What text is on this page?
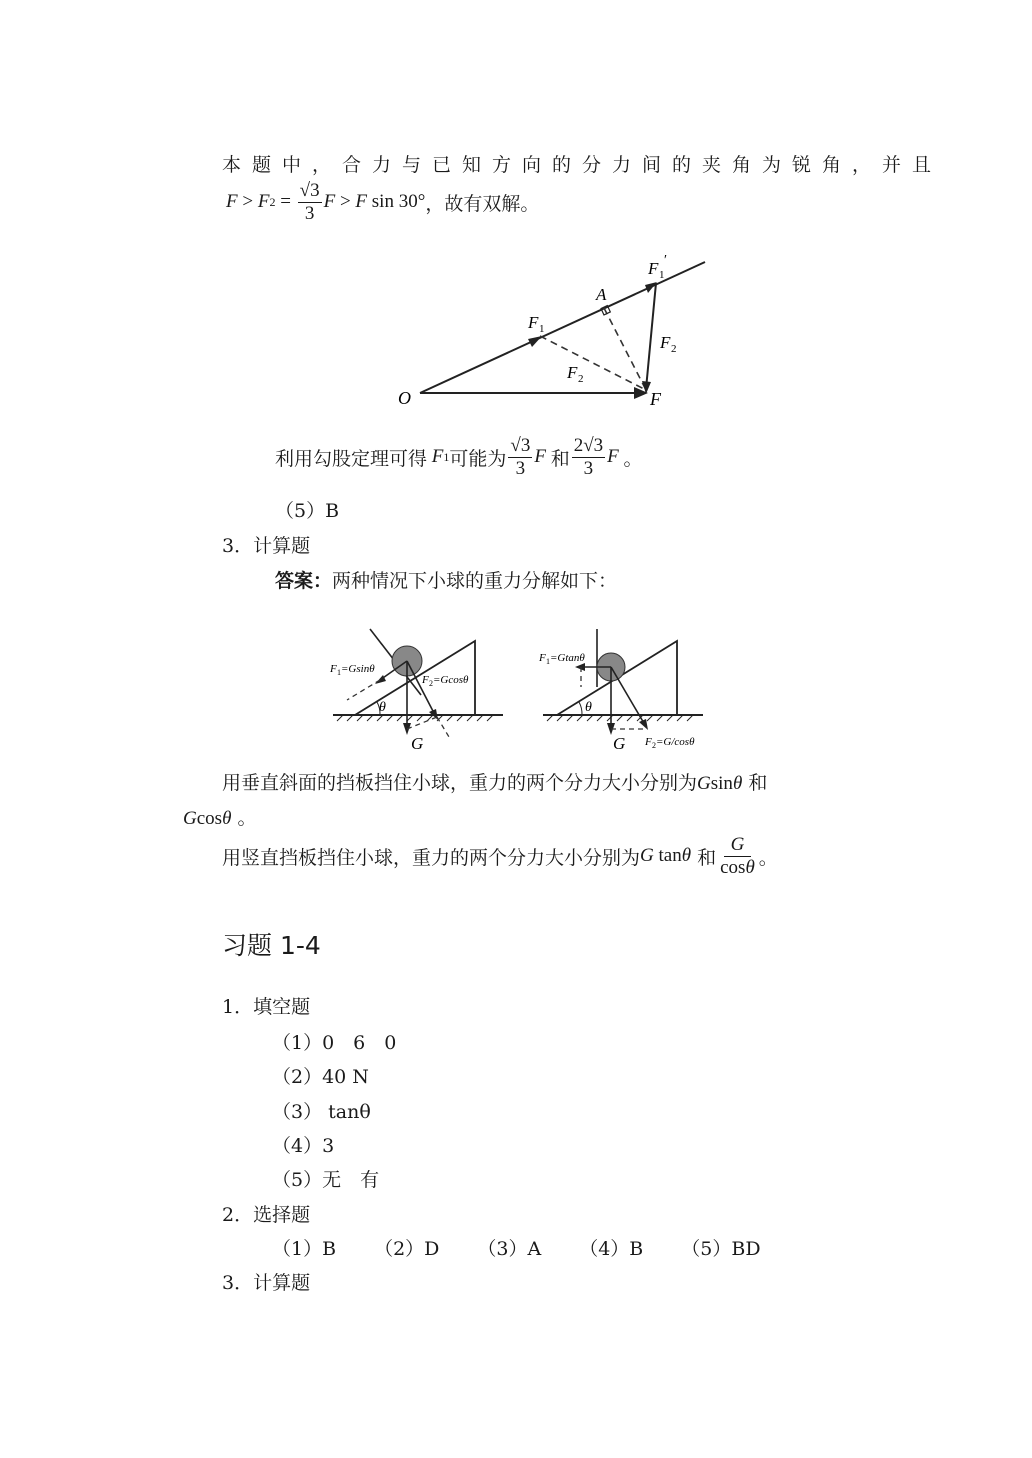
本题中，合力与已知方向的分力间的夹角为锐角，并且
F > F $2 = \frac{√3}{3}$ F > F sin 30° ，故有双解。
O	F
A
F 1
F 1
′
F 2
F 2
利用勾股定理可得 F 1 可能为 $\frac{√3}{3}$ F 和 $\frac{2√3}{3}$ F 。
（5）B
3．计算题
答案：两种情况下小球的重力分解如下：
F 1 =Gsinθ
F 2 =Gcosθ
θ
G
F 1 =Gtanθ
F 2 =G/cosθ
θ
G
用垂直斜面的挡板挡住小球，重力的两个分力大小分别为Gsinθ 和
Gcosθ 。
用竖直挡板挡住小球，重力的两个分力大小分别为 G tan θ
和 $\frac{G}{\cos\theta}$ 。
习题 1-4
1．填空题
（1）0　6　0
（2）40 N
（3） tanθ
（4）3
（5）无　有
2．选择题
（1）B （2）D （3）A （4）B （5）BD
3．计算题
